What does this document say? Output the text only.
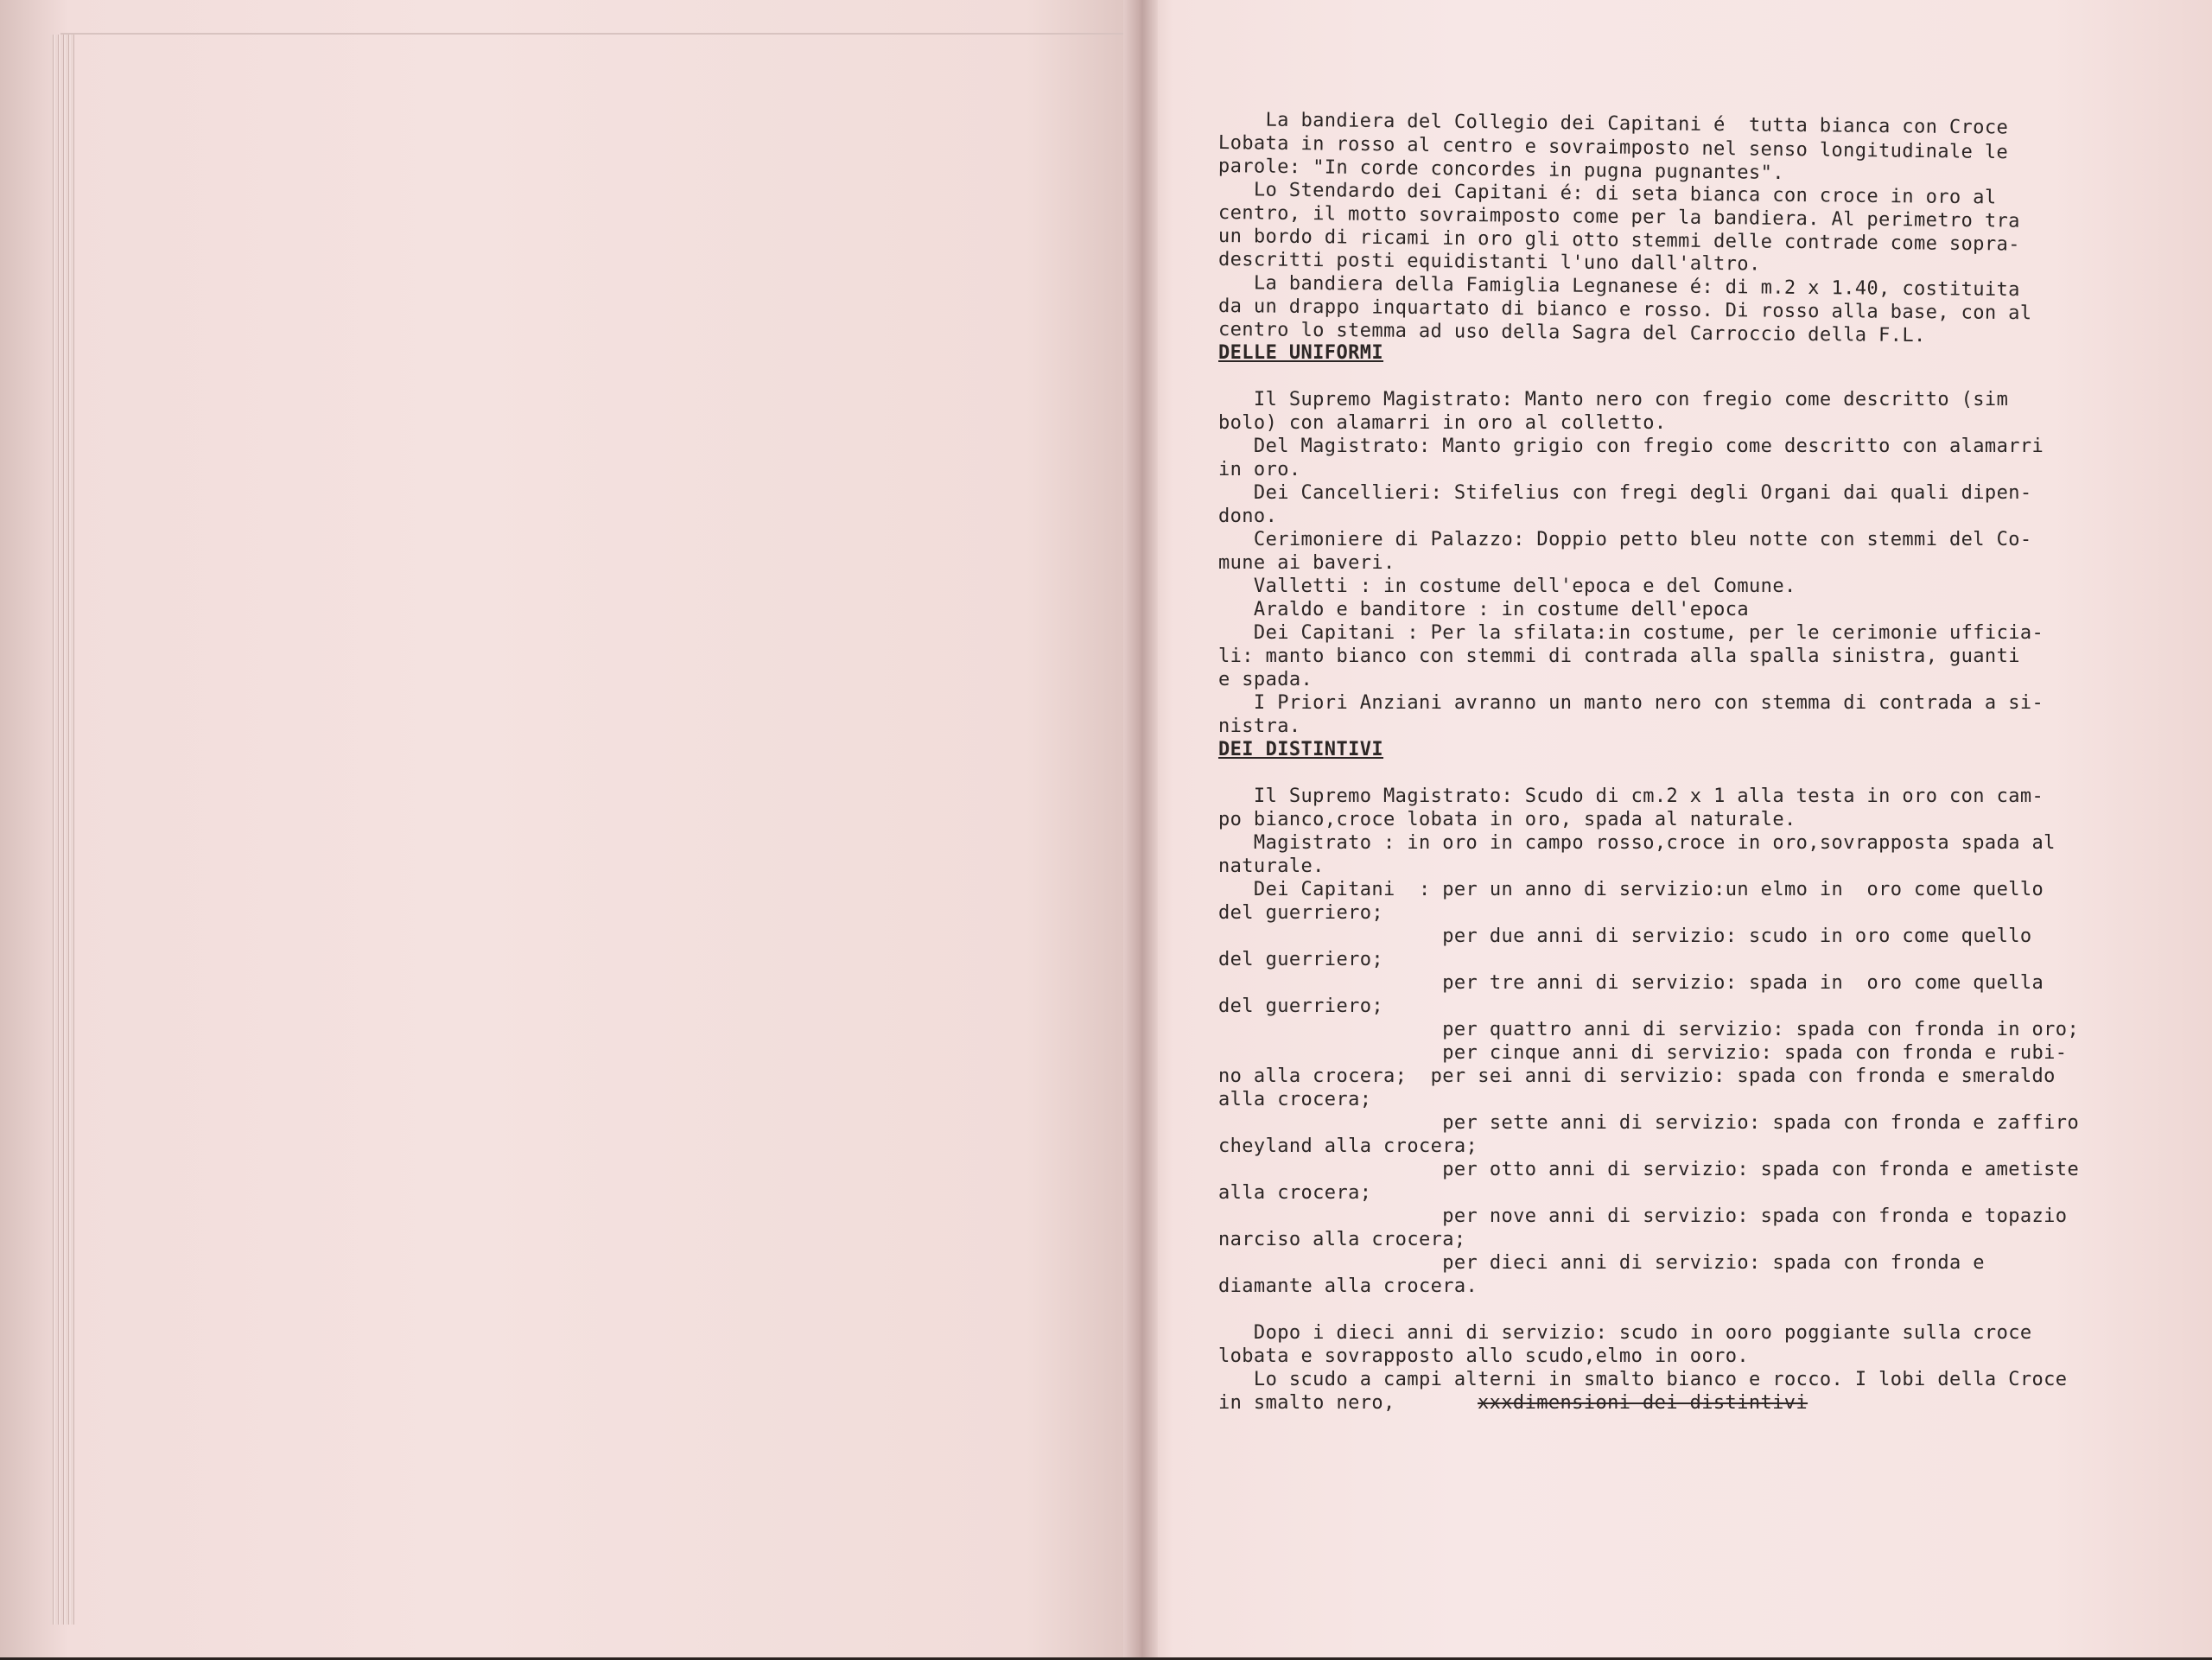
La bandiera del Collegio dei Capitani é  tutta bianca con Croce
Lobata in rosso al centro e sovraimposto nel senso longitudinale le
parole: "In corde concordes in pugna pugnantes".
Lo Stendardo dei Capitani é: di seta bianca con croce in oro al
centro, il motto sovraimposto come per la bandiera. Al perimetro tra
un bordo di ricami in oro gli otto stemmi delle contrade come sopra-
descritti posti equidistanti l'uno dall'altro.
La bandiera della Famiglia Legnanese é: di m.2 x 1.40, costituita
da un drappo inquartato di bianco e rosso. Di rosso alla base, con al
centro lo stemma ad uso della Sagra del Carroccio della F.L.
DELLE UNIFORMI
Il Supremo Magistrato: Manto nero con fregio come descritto (sim
bolo) con alamarri in oro al colletto.
Del Magistrato: Manto grigio con fregio come descritto con alamarri
in oro.
Dei Cancellieri: Stifelius con fregi degli Organi dai quali dipen-
dono.
Cerimoniere di Palazzo: Doppio petto bleu notte con stemmi del Co-
mune ai baveri.
Valletti : in costume dell'epoca e del Comune.
Araldo e banditore : in costume dell'epoca
Dei Capitani : Per la sfilata:in costume, per le cerimonie ufficia-
li: manto bianco con stemmi di contrada alla spalla sinistra, guanti
e spada.
I Priori Anziani avranno un manto nero con stemma di contrada a si-
nistra.
DEI DISTINTIVI
Il Supremo Magistrato: Scudo di cm.2 x 1 alla testa in oro con cam-
po bianco,croce lobata in oro, spada al naturale.
Magistrato : in oro in campo rosso,croce in oro,sovrapposta spada al
naturale.
Dei Capitani  : per un anno di servizio:un elmo in  oro come quello
del guerriero;
per due anni di servizio: scudo in oro come quello
del guerriero;
per tre anni di servizio: spada in  oro come quella
del guerriero;
per quattro anni di servizio: spada con fronda in oro;
per cinque anni di servizio: spada con fronda e rubi-
no alla crocera;  per sei anni di servizio: spada con fronda e smeraldo
alla crocera;
per sette anni di servizio: spada con fronda e zaffiro
cheyland alla crocera;
per otto anni di servizio: spada con fronda e ametiste
alla crocera;
per nove anni di servizio: spada con fronda e topazio
narciso alla crocera;
per dieci anni di servizio: spada con fronda e
diamante alla crocera.
Dopo i dieci anni di servizio: scudo in ooro poggiante sulla croce
lobata e sovrapposto allo scudo,elmo in ooro.
Lo scudo a campi alterni in smalto bianco e rocco. I lobi della Croce
in smalto nero,	xxxdimensioni dei distintivi
